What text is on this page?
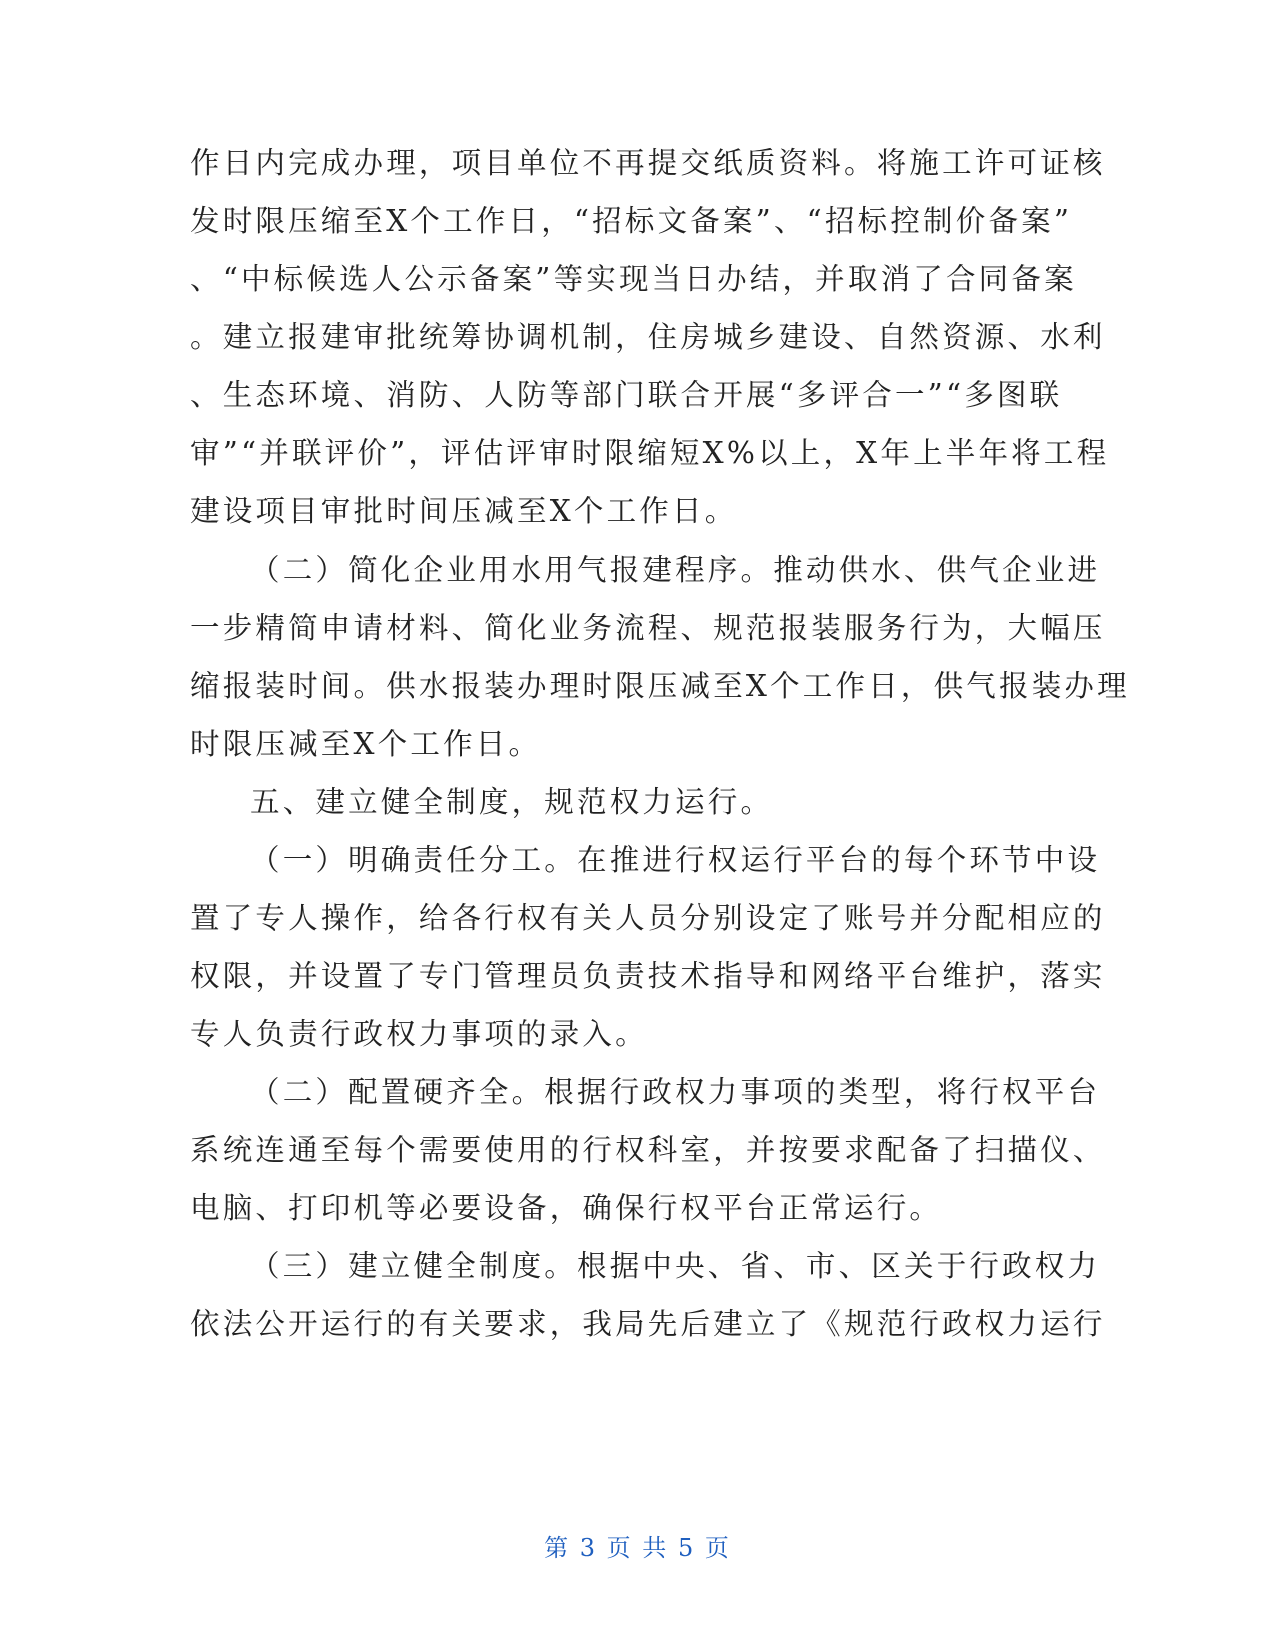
作日内完成办理，项目单位不再提交纸质资料。将施工许可证核
发时限压缩至X个工作日，“招标文备案”、“招标控制价备案”
、“中标候选人公示备案”等实现当日办结，并取消了合同备案
。建立报建审批统筹协调机制，住房城乡建设、自然资源、水利
、生态环境、消防、人防等部门联合开展“多评合一”“多图联
审”“并联评价”，评估评审时限缩短X%以上，X年上半年将工程
建设项目审批时间压减至X个工作日。
（二）简化企业用水用气报建程序。推动供水、供气企业进
一步精简申请材料、简化业务流程、规范报装服务行为，大幅压
缩报装时间。供水报装办理时限压减至X个工作日，供气报装办理
时限压减至X个工作日。
五、建立健全制度，规范权力运行。
（一）明确责任分工。在推进行权运行平台的每个环节中设
置了专人操作，给各行权有关人员分别设定了账号并分配相应的
权限，并设置了专门管理员负责技术指导和网络平台维护，落实
专人负责行政权力事项的录入。
（二）配置硬齐全。根据行政权力事项的类型，将行权平台
系统连通至每个需要使用的行权科室，并按要求配备了扫描仪、
电脑、打印机等必要设备，确保行权平台正常运行。
（三）建立健全制度。根据中央、省、市、区关于行政权力
依法公开运行的有关要求，我局先后建立了《规范行政权力运行
第 3 页 共 5 页
